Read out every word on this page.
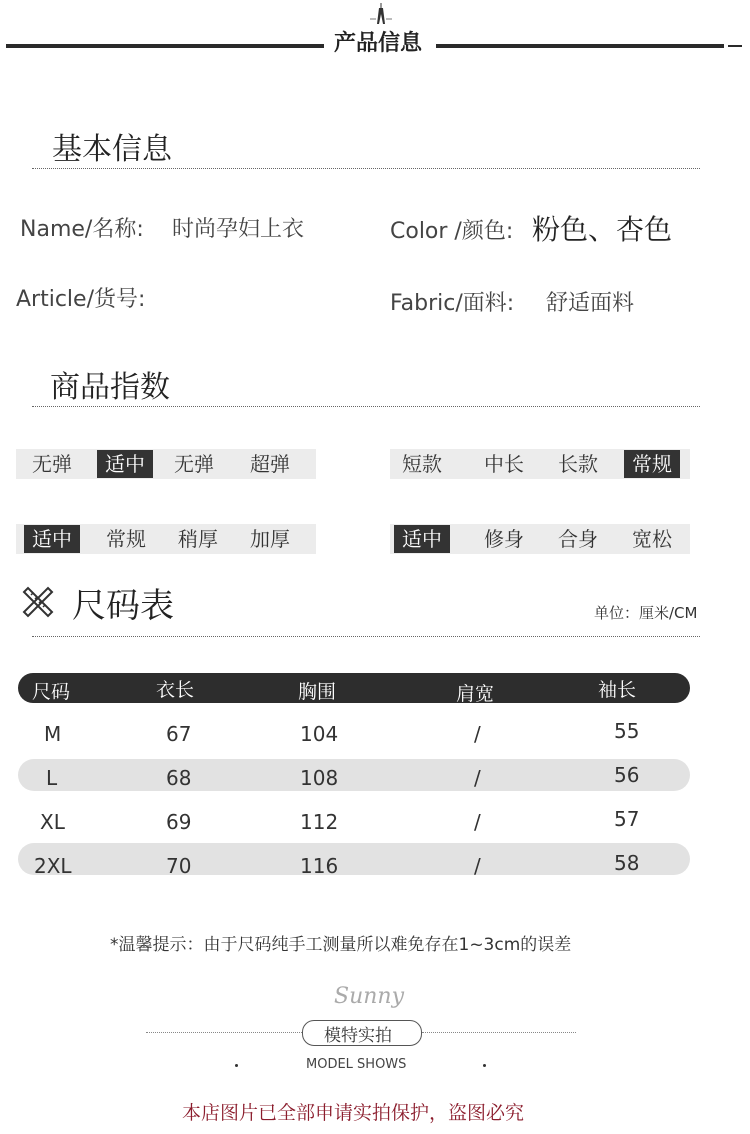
产品信息
基本信息
Name/名称: 时尚孕妇上衣	Color /颜色: 粉色、杏色
Article/货号:	Fabric/面料: 舒适面料
商品指数
无弹	适中	无弹	超弹	短款	中长	长款	常规
适中	常规	稍厚	加厚	适中	修身	合身	宽松
尺码表	单位：厘米/CM
尺码	衣长	胸围	肩宽	袖长
M	67	104	/	55
L	68	108	/	56
XL	69	112	/	57
2XL	70	116	/	58
*温馨提示：由于尺码纯手工测量所以难免存在1~3cm的误差
Sunny
模特实拍
MODEL SHOWS
本店图片已全部申请实拍保护，盗图必究
